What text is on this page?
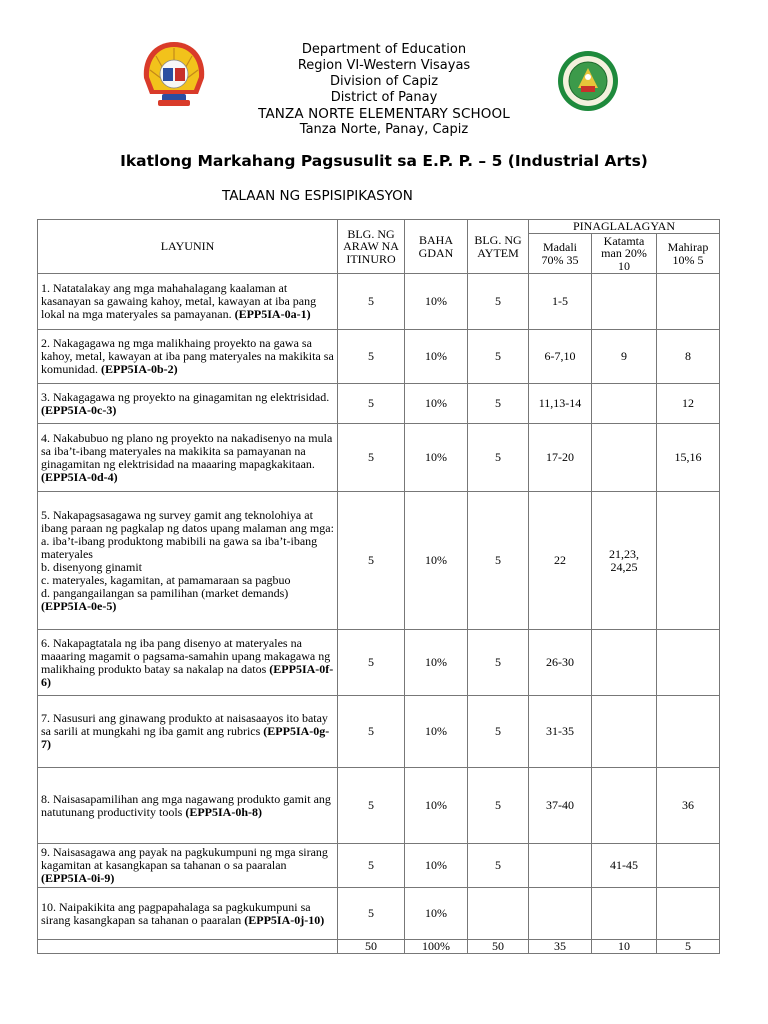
Department of Education
Region VI-Western Visayas
Division of Capiz
District of Panay
TANZA NORTE ELEMENTARY SCHOOL
Tanza Norte, Panay, Capiz
Ikatlong Markahang Pagsusulit sa E.P. P. – 5 (Industrial Arts)
TALAAN NG ESPISIPIKASYON
LAYUNIN	BLG. NG ARAW NA ITINURO	BAHA GDAN	BLG. NG AYTEM	PINAGLALAGYAN		
				Madali 70% 35	Katamta man 20% 10	Mahirap 10% 5
1. Natatalakay ang mga mahahalagang kaalaman at kasanayan sa gawaing kahoy, metal, kawayan at iba pang lokal na mga materyales sa pamayanan. (EPP5IA-0a-1)	5	10%	5	1-5		
2. Nakagagawa ng mga malikhaing proyekto na gawa sa kahoy, metal, kawayan at iba pang materyales na makikita sa komunidad. (EPP5IA-0b-2)	5	10%	5	6-7,10	9	8
3. Nakagagawa ng proyekto na ginagamitan ng elektrisidad. (EPP5IA-0c-3)	5	10%	5	11,13-14		12
4. Nakabubuo ng plano ng proyekto na nakadisenyo na mula sa iba’t-ibang materyales na makikita sa pamayanan na ginagamitan ng elektrisidad na maaaring mapagkakitaan. (EPP5IA-0d-4)	5	10%	5	17-20		15,16
5. Nakapagsasagawa ng survey gamit ang teknolohiya at ibang paraan ng pagkalap ng datos upang malaman ang mga:
a. iba’t-ibang produktong mabibili na gawa sa iba’t-ibang materyales
b. disenyong ginamit
c. materyales, kagamitan, at pamamaraan sa pagbuo
d. pangangailangan sa pamilihan (market demands) (EPP5IA-0e-5)	5	10%	5	22	21,23, 24,25	
6. Nakapagtatala ng iba pang disenyo at materyales na maaaring magamit o pagsama-samahin upang makagawa ng malikhaing produkto batay sa nakalap na datos (EPP5IA-0f-6)	5	10%	5	26-30		
7. Nasusuri ang ginawang produkto at naisasaayos ito batay sa sarili at mungkahi ng iba gamit ang rubrics (EPP5IA-0g-7)	5	10%	5	31-35		
8. Naisasapamilihan ang mga nagawang produkto gamit ang natutunang productivity tools (EPP5IA-0h-8)	5	10%	5	37-40		36
9. Naisasagawa ang payak na pagkukumpuni ng mga sirang kagamitan at kasangkapan sa tahanan o sa paaralan (EPP5IA-0i-9)	5	10%	5		41-45	
10. Naipakikita ang pagpapahalaga sa pagkukumpuni sa sirang kasangkapan sa tahanan o paaralan (EPP5IA-0j-10)	5	10%				
	50	100%	50	35	10	5
